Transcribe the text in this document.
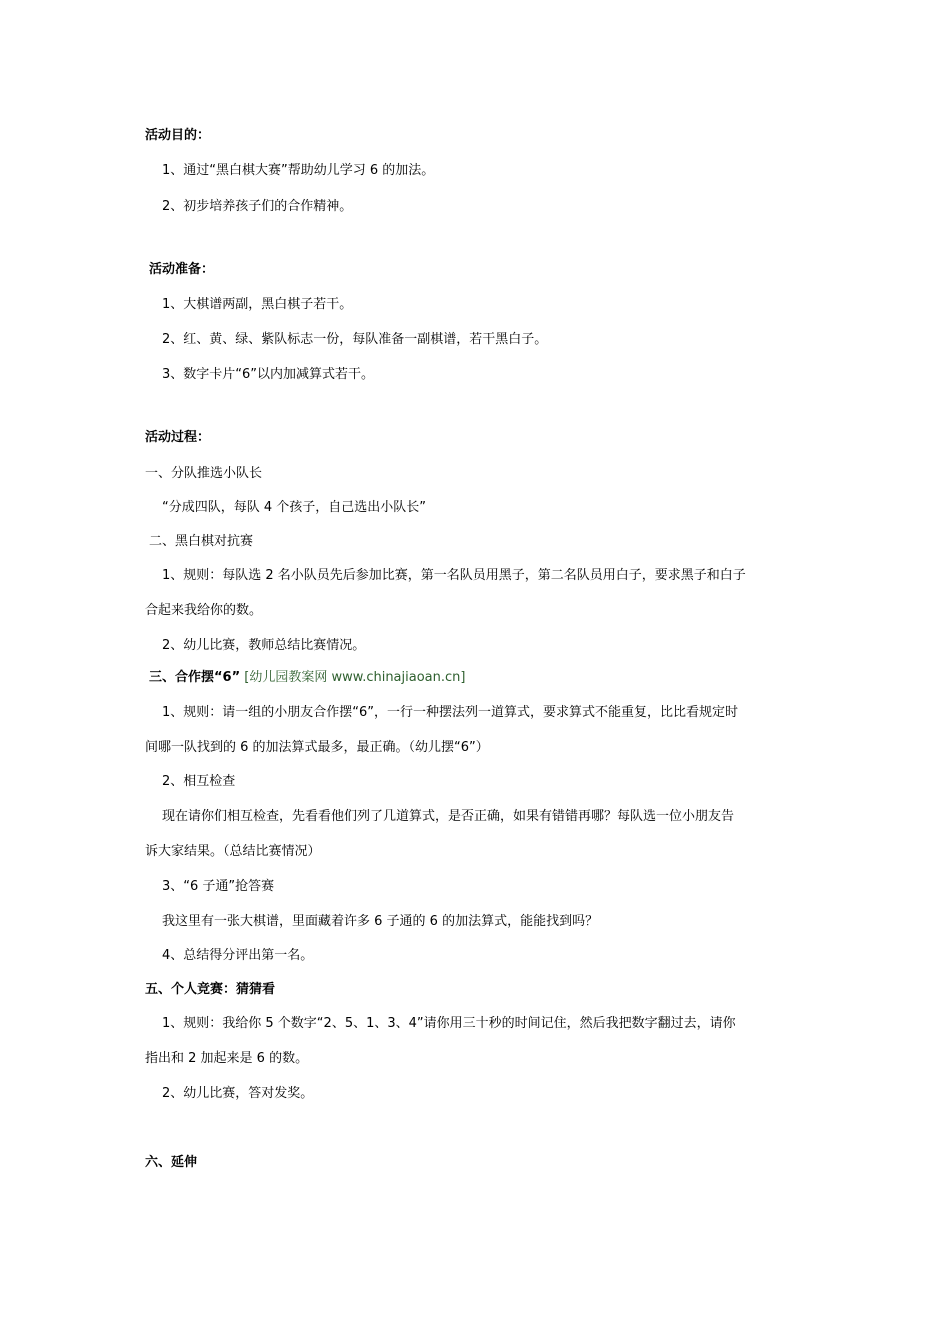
活动目的：
1、通过“黑白棋大赛”帮助幼儿学习 6 的加法。
2、初步培养孩子们的合作精神。
活动准备：
1、大棋谱两副，黑白棋子若干。
2、红、黄、绿、紫队标志一份，每队准备一副棋谱，若干黑白子。
3、数字卡片“6”以内加减算式若干。
活动过程：
一、分队推选小队长
“分成四队，每队 4 个孩子，自己选出小队长”
二、黑白棋对抗赛
1、规则：每队选 2 名小队员先后参加比赛，第一名队员用黑子，第二名队员用白子，要求黑子和白子
合起来我给你的数。
2、幼儿比赛，教师总结比赛情况。
三、合作摆“6” [幼儿园教案网 www.chinajiaoan.cn]
1、规则：请一组的小朋友合作摆“6”，一行一种摆法列一道算式，要求算式不能重复，比比看规定时
间哪一队找到的 6 的加法算式最多，最正确。（幼儿摆“6”）
2、相互检查
现在请你们相互检查，先看看他们列了几道算式，是否正确，如果有错错再哪？每队选一位小朋友告
诉大家结果。（总结比赛情况）
3、“6 子通”抢答赛
我这里有一张大棋谱，里面藏着许多 6 子通的 6 的加法算式，能能找到吗？
4、总结得分评出第一名。
五、个人竞赛：猜猜看
1、规则：我给你 5 个数字“2、5、1、3、4”请你用三十秒的时间记住，然后我把数字翻过去，请你
指出和 2 加起来是 6 的数。
2、幼儿比赛，答对发奖。
六、延伸
